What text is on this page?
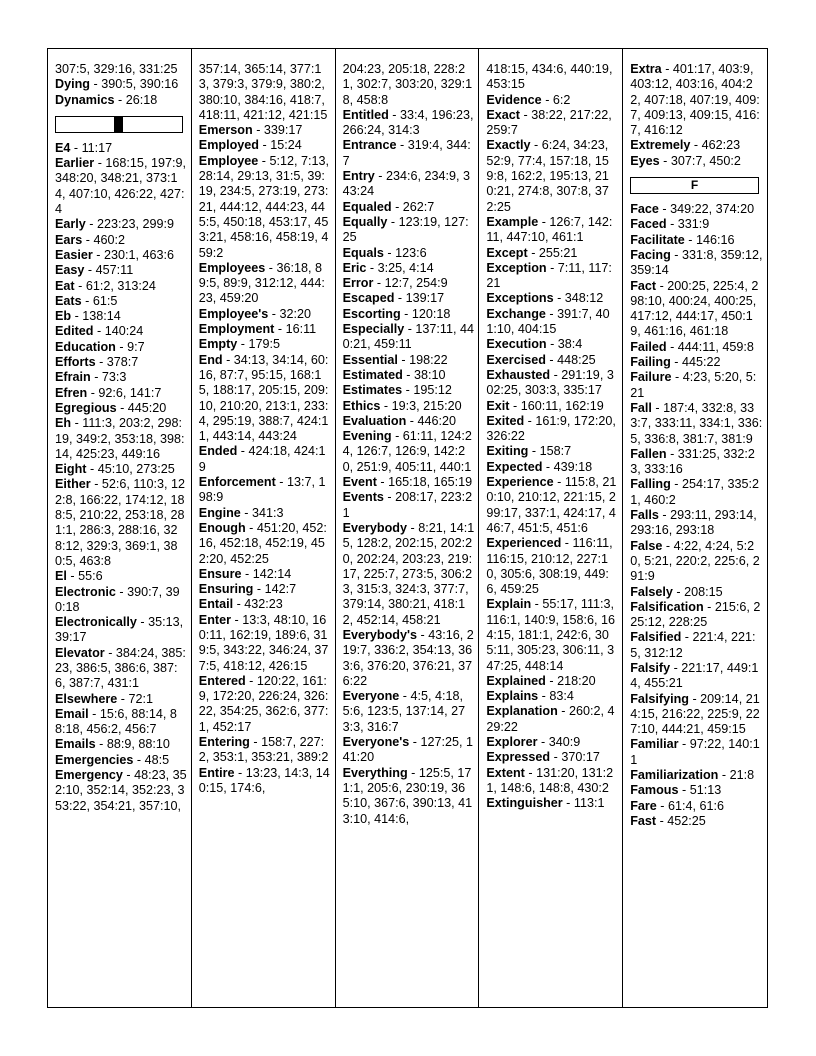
307:5, 329:16, 331:25
Dying - 390:5, 390:16
Dynamics - 26:18
E4 - 11:17
Earlier - 168:15, 197:9, 348:20, 348:21, 373:14, 407:10, 426:22, 427:4
Early - 223:23, 299:9
Ears - 460:2
Easier - 230:1, 463:6
Easy - 457:11
Eat - 61:2, 313:24
Eats - 61:5
Eb - 138:14
Edited - 140:24
Education - 9:7
Efforts - 378:7
Efrain - 73:3
Efren - 92:6, 141:7
Egregious - 445:20
Eh - 111:3, 203:2, 298:19, 349:2, 353:18, 398:14, 425:23, 449:16
Eight - 45:10, 273:25
Either - 52:6, 110:3, 122:8, 166:22, 174:12, 188:5, 210:22, 253:18, 281:1, 286:3, 288:16, 328:12, 329:3, 369:1, 380:5, 463:8
El - 55:6
Electronic - 390:7, 390:18
Electronically - 35:13, 39:17
Elevator - 384:24, 385:23, 386:5, 386:6, 387:6, 387:7, 431:1
Elsewhere - 72:1
Email - 15:6, 88:14, 88:18, 456:2, 456:7
Emails - 88:9, 88:10
Emergencies - 48:5
Emergency - 48:23, 352:10, 352:14, 352:23, 353:22, 354:21, 357:10,
357:14, 365:14, 377:13, 379:3, 379:9, 380:2, 380:10, 384:16, 418:7, 418:11, 421:12, 421:15
Emerson - 339:17
Employed - 15:24
Employee - 5:12, 7:13, 28:14, 29:13, 31:5, 39:19, 234:5, 273:19, 273:21, 444:12, 444:23, 445:5, 450:18, 453:17, 453:21, 458:16, 458:19, 459:2
Employees - 36:18, 89:5, 89:9, 312:12, 444:23, 459:20
Employee's - 32:20
Employment - 16:11
Empty - 179:5
End - 34:13, 34:14, 60:16, 87:7, 95:15, 168:15, 188:17, 205:15, 209:10, 210:20, 213:1, 233:4, 295:19, 388:7, 424:11, 443:14, 443:24
Ended - 424:18, 424:19
Enforcement - 13:7, 198:9
Engine - 341:3
Enough - 451:20, 452:16, 452:18, 452:19, 452:20, 452:25
Ensure - 142:14
Ensuring - 142:7
Entail - 432:23
Enter - 13:3, 48:10, 160:11, 162:19, 189:6, 319:5, 343:22, 346:24, 377:5, 418:12, 426:15
Entered - 120:22, 161:9, 172:20, 226:24, 326:22, 354:25, 362:6, 377:1, 452:17
Entering - 158:7, 227:2, 353:1, 353:21, 389:2
Entire - 13:23, 14:3, 140:15, 174:6,
204:23, 205:18, 228:21, 302:7, 303:20, 329:18, 458:8
Entitled - 33:4, 196:23, 266:24, 314:3
Entrance - 319:4, 344:7
Entry - 234:6, 234:9, 343:24
Equaled - 262:7
Equally - 123:19, 127:25
Equals - 123:6
Eric - 3:25, 4:14
Error - 12:7, 254:9
Escaped - 139:17
Escorting - 120:18
Especially - 137:11, 440:21, 459:11
Essential - 198:22
Estimated - 38:10
Estimates - 195:12
Ethics - 19:3, 215:20
Evaluation - 446:20
Evening - 61:11, 124:24, 126:7, 126:9, 142:20, 251:9, 405:11, 440:1
Event - 165:18, 165:19
Events - 208:17, 223:21
Everybody - 8:21, 14:15, 128:2, 202:15, 202:20, 202:24, 203:23, 219:17, 225:7, 273:5, 306:23, 315:3, 324:3, 377:7, 379:14, 380:21, 418:12, 452:14, 458:21
Everybody's - 43:16, 219:7, 336:2, 354:13, 363:6, 376:20, 376:21, 376:22
Everyone - 4:5, 4:18, 5:6, 123:5, 137:14, 273:3, 316:7
Everyone's - 127:25, 141:20
Everything - 125:5, 171:1, 205:6, 230:19, 365:10, 367:6, 390:13, 413:10, 414:6,
418:15, 434:6, 440:19, 453:15
Evidence - 6:2
Exact - 38:22, 217:22, 259:7
Exactly - 6:24, 34:23, 52:9, 77:4, 157:18, 159:8, 162:2, 195:13, 210:21, 274:8, 307:8, 372:25
Example - 126:7, 142:11, 447:10, 461:1
Except - 255:21
Exception - 7:11, 117:21
Exceptions - 348:12
Exchange - 391:7, 401:10, 404:15
Execution - 38:4
Exercised - 448:25
Exhausted - 291:19, 302:25, 303:3, 335:17
Exit - 160:11, 162:19
Exited - 161:9, 172:20, 326:22
Exiting - 158:7
Expected - 439:18
Experience - 115:8, 210:10, 210:12, 221:15, 299:17, 337:1, 424:17, 446:7, 451:5, 451:6
Experienced - 116:11, 116:15, 210:12, 227:10, 305:6, 308:19, 449:6, 459:25
Explain - 55:17, 111:3, 116:1, 140:9, 158:6, 164:15, 181:1, 242:6, 305:11, 305:23, 306:11, 347:25, 448:14
Explained - 218:20
Explains - 83:4
Explanation - 260:2, 429:22
Explorer - 340:9
Expressed - 370:17
Extent - 131:20, 131:21, 148:6, 148:8, 430:2
Extinguisher - 113:1
Extra - 401:17, 403:9, 403:12, 403:16, 404:22, 407:18, 407:19, 409:7, 409:13, 409:15, 416:7, 416:12
Extremely - 462:23
Eyes - 307:7, 450:2
F
Face - 349:22, 374:20
Faced - 331:9
Facilitate - 146:16
Facing - 331:8, 359:12, 359:14
Fact - 200:25, 225:4, 298:10, 400:24, 400:25, 417:12, 444:17, 450:19, 461:16, 461:18
Failed - 444:11, 459:8
Failing - 445:22
Failure - 4:23, 5:20, 5:21
Fall - 187:4, 332:8, 333:7, 333:11, 334:1, 336:5, 336:8, 381:7, 381:9
Fallen - 331:25, 332:23, 333:16
Falling - 254:17, 335:21, 460:2
Falls - 293:11, 293:14, 293:16, 293:18
False - 4:22, 4:24, 5:20, 5:21, 220:2, 225:6, 291:9
Falsely - 208:15
Falsification - 215:6, 225:12, 228:25
Falsified - 221:4, 221:5, 312:12
Falsify - 221:17, 449:14, 455:21
Falsifying - 209:14, 214:15, 216:22, 225:9, 227:10, 444:21, 459:15
Familiar - 97:22, 140:11
Familiarization - 21:8
Famous - 51:13
Fare - 61:4, 61:6
Fast - 452:25
